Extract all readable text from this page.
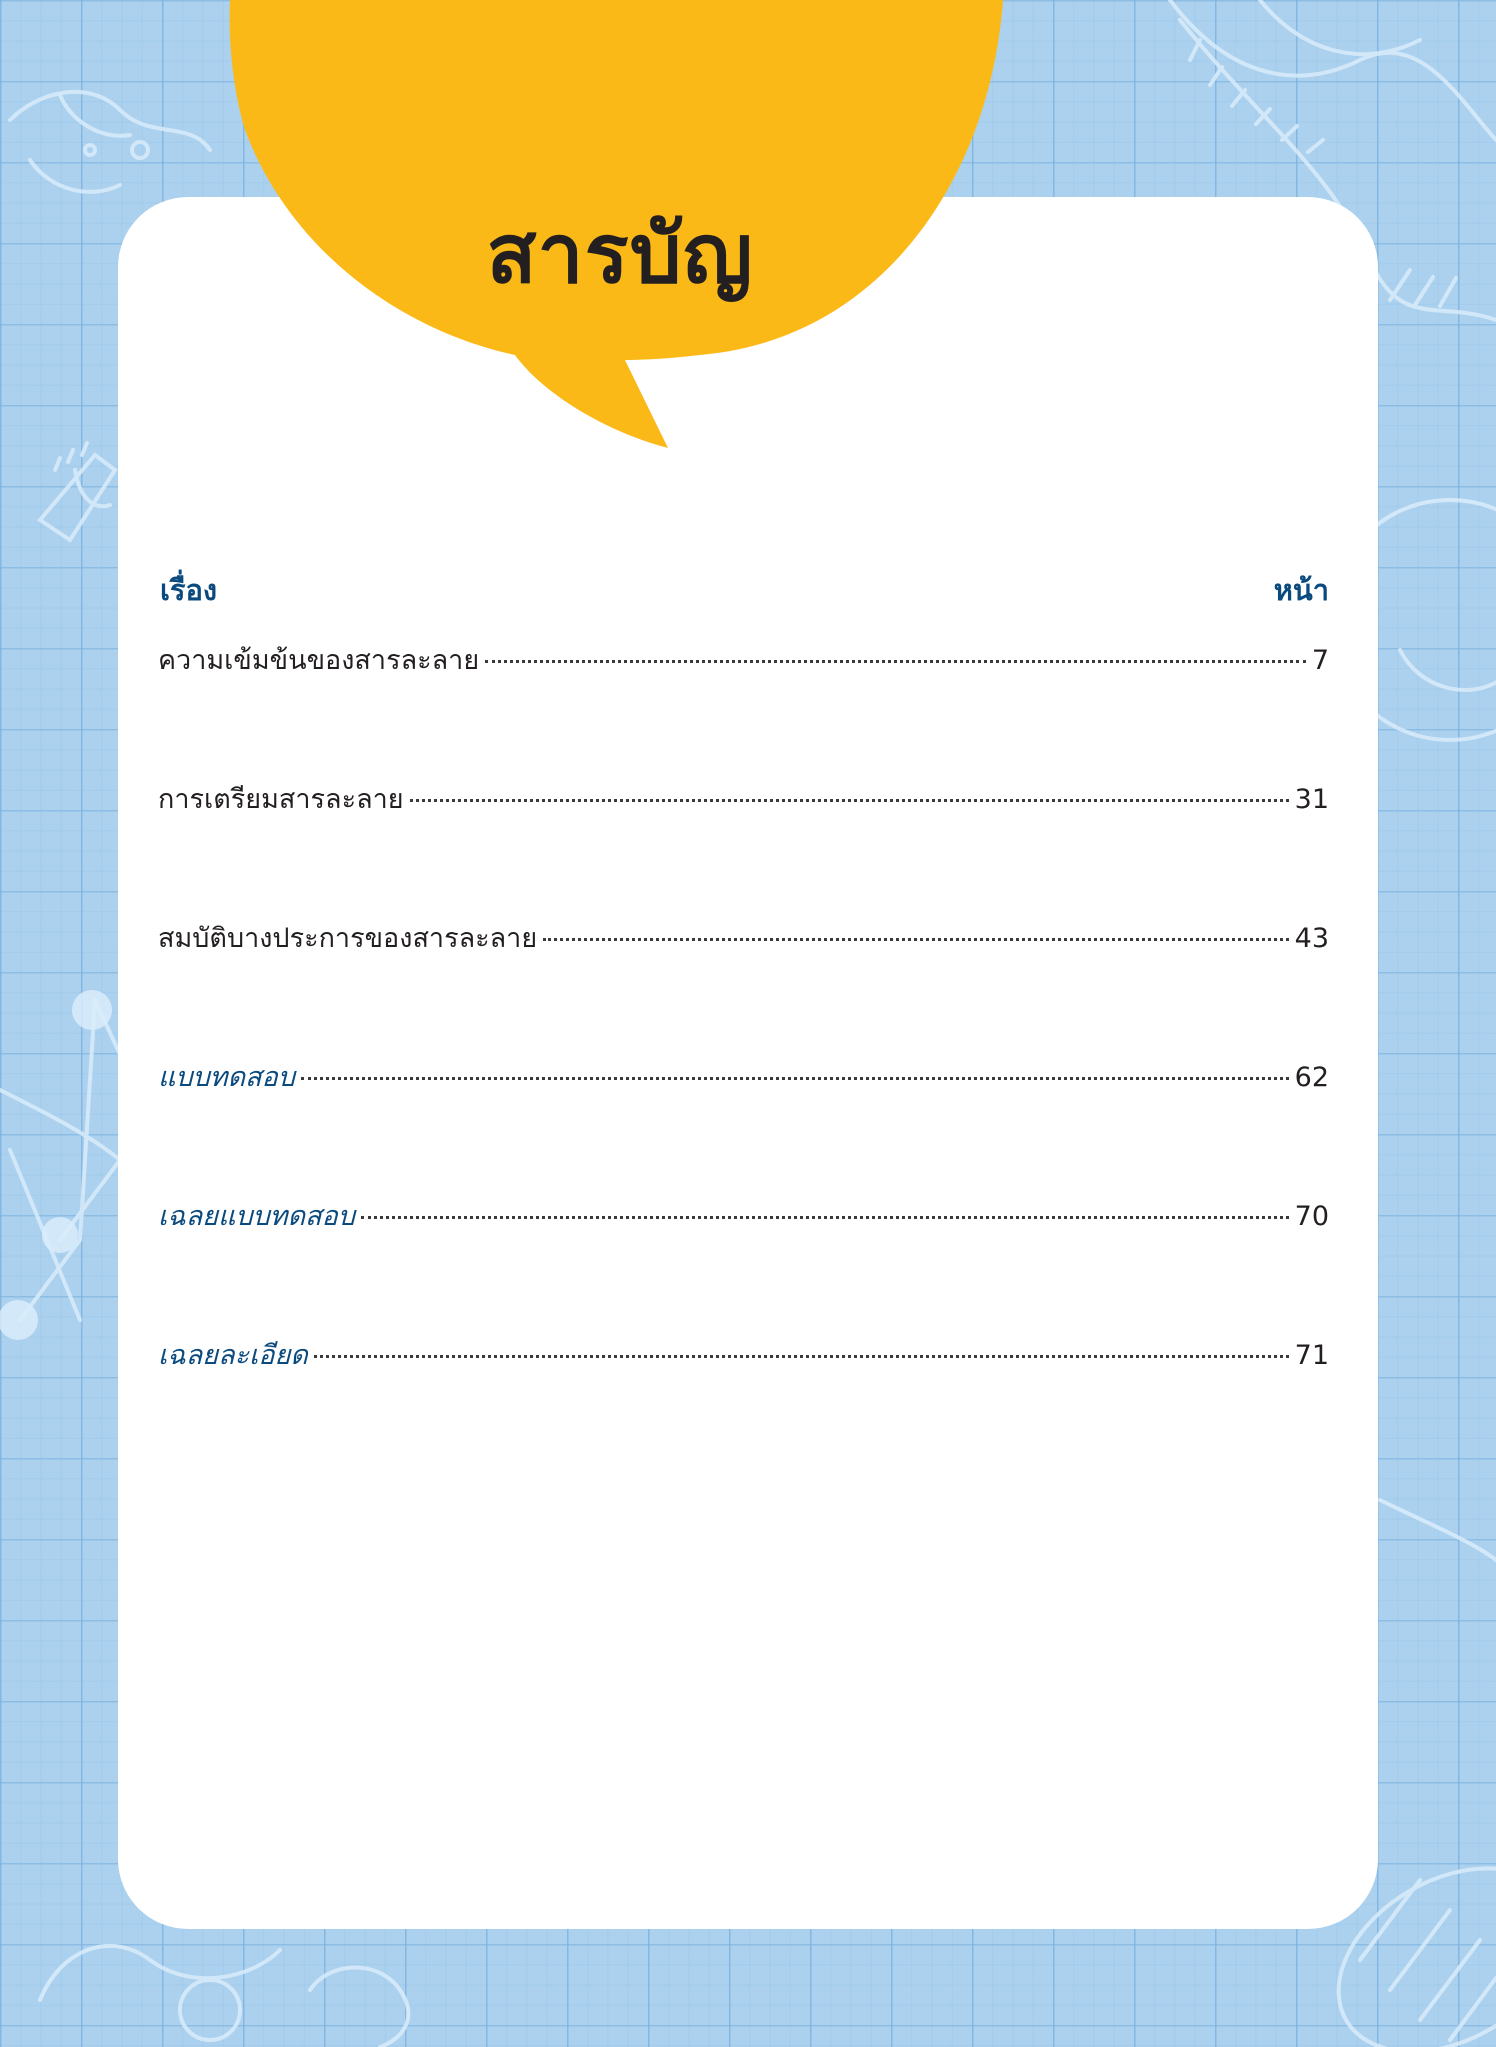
สารบัญ
เรื่อง	หน้า
ความเข้มข้นของสารละลาย	7
การเตรียมสารละลาย	31
สมบัติบางประการของสารละลาย	43
แบบทดสอบ	62
เฉลยแบบทดสอบ	70
เฉลยละเอียด	71
